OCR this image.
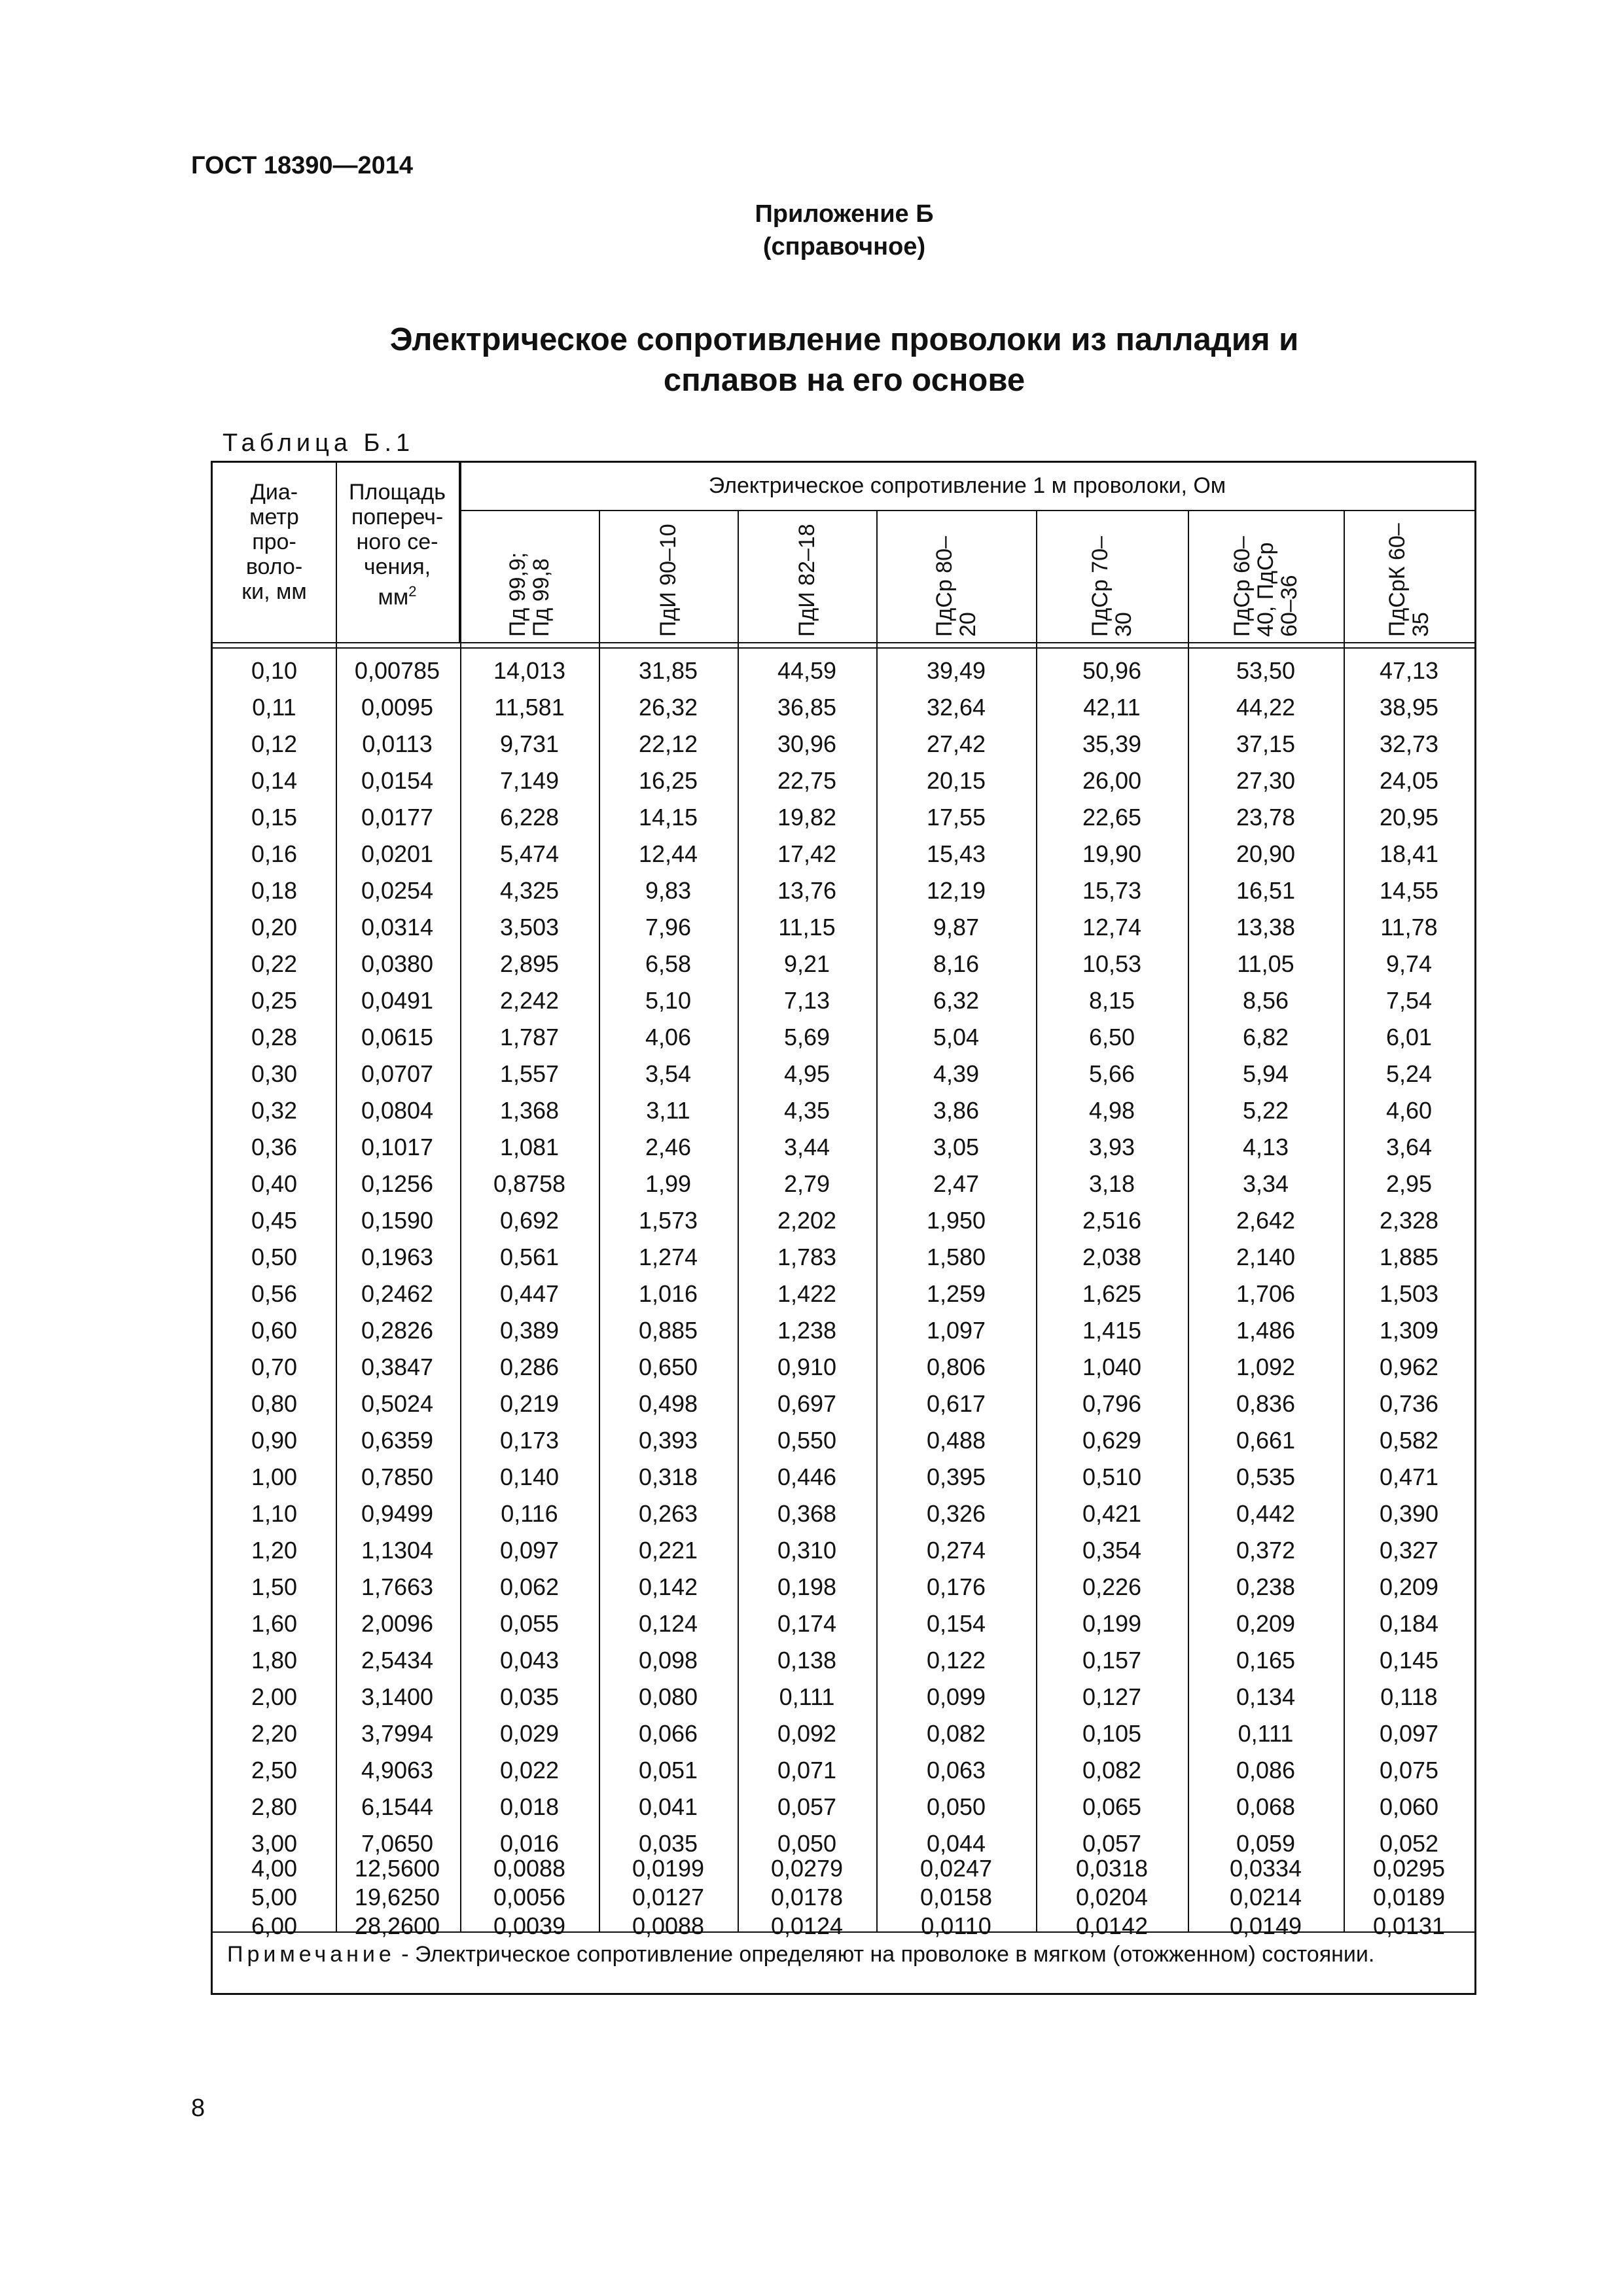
ГОСТ 18390—2014
Приложение Б
(справочное)
Электрическое сопротивление проволоки из палладия и
сплавов на его основе
Таблица Б.1
Диа-
метр
про-
воло-
ки, мм
Площадь
попереч-
ного се-
чения,
$мм^2$
Электрическое сопротивление 1 м проволоки, Ом
Пд 99,9;
Пд 99,8	ПдИ 90–10	ПдИ 82–18	ПдСр 80–
20	ПдСр 70–
30	ПдСр 60–
40, ПдСр
60–36	ПдСрК 60–
35
0,10	0,00785	14,013	31,85	44,59	39,49	50,96	53,50	47,13
0,11	0,0095	11,581	26,32	36,85	32,64	42,11	44,22	38,95
0,12	0,0113	9,731	22,12	30,96	27,42	35,39	37,15	32,73
0,14	0,0154	7,149	16,25	22,75	20,15	26,00	27,30	24,05
0,15	0,0177	6,228	14,15	19,82	17,55	22,65	23,78	20,95
0,16	0,0201	5,474	12,44	17,42	15,43	19,90	20,90	18,41
0,18	0,0254	4,325	9,83	13,76	12,19	15,73	16,51	14,55
0,20	0,0314	3,503	7,96	11,15	9,87	12,74	13,38	11,78
0,22	0,0380	2,895	6,58	9,21	8,16	10,53	11,05	9,74
0,25	0,0491	2,242	5,10	7,13	6,32	8,15	8,56	7,54
0,28	0,0615	1,787	4,06	5,69	5,04	6,50	6,82	6,01
0,30	0,0707	1,557	3,54	4,95	4,39	5,66	5,94	5,24
0,32	0,0804	1,368	3,11	4,35	3,86	4,98	5,22	4,60
0,36	0,1017	1,081	2,46	3,44	3,05	3,93	4,13	3,64
0,40	0,1256	0,8758	1,99	2,79	2,47	3,18	3,34	2,95
0,45	0,1590	0,692	1,573	2,202	1,950	2,516	2,642	2,328
0,50	0,1963	0,561	1,274	1,783	1,580	2,038	2,140	1,885
0,56	0,2462	0,447	1,016	1,422	1,259	1,625	1,706	1,503
0,60	0,2826	0,389	0,885	1,238	1,097	1,415	1,486	1,309
0,70	0,3847	0,286	0,650	0,910	0,806	1,040	1,092	0,962
0,80	0,5024	0,219	0,498	0,697	0,617	0,796	0,836	0,736
0,90	0,6359	0,173	0,393	0,550	0,488	0,629	0,661	0,582
1,00	0,7850	0,140	0,318	0,446	0,395	0,510	0,535	0,471
1,10	0,9499	0,116	0,263	0,368	0,326	0,421	0,442	0,390
1,20	1,1304	0,097	0,221	0,310	0,274	0,354	0,372	0,327
1,50	1,7663	0,062	0,142	0,198	0,176	0,226	0,238	0,209
1,60	2,0096	0,055	0,124	0,174	0,154	0,199	0,209	0,184
1,80	2,5434	0,043	0,098	0,138	0,122	0,157	0,165	0,145
2,00	3,1400	0,035	0,080	0,111	0,099	0,127	0,134	0,118
2,20	3,7994	0,029	0,066	0,092	0,082	0,105	0,111	0,097
2,50	4,9063	0,022	0,051	0,071	0,063	0,082	0,086	0,075
2,80	6,1544	0,018	0,041	0,057	0,050	0,065	0,068	0,060
3,00	7,0650	0,016	0,035	0,050	0,044	0,057	0,059	0,052
4,00	12,5600	0,0088	0,0199	0,0279	0,0247	0,0318	0,0334	0,0295
5,00	19,6250	0,0056	0,0127	0,0178	0,0158	0,0204	0,0214	0,0189
6,00	28,2600	0,0039	0,0088	0,0124	0,0110	0,0142	0,0149	0,0131
Примечание - Электрическое сопротивление определяют на проволоке в мягком (отожженном) состоянии.
8
